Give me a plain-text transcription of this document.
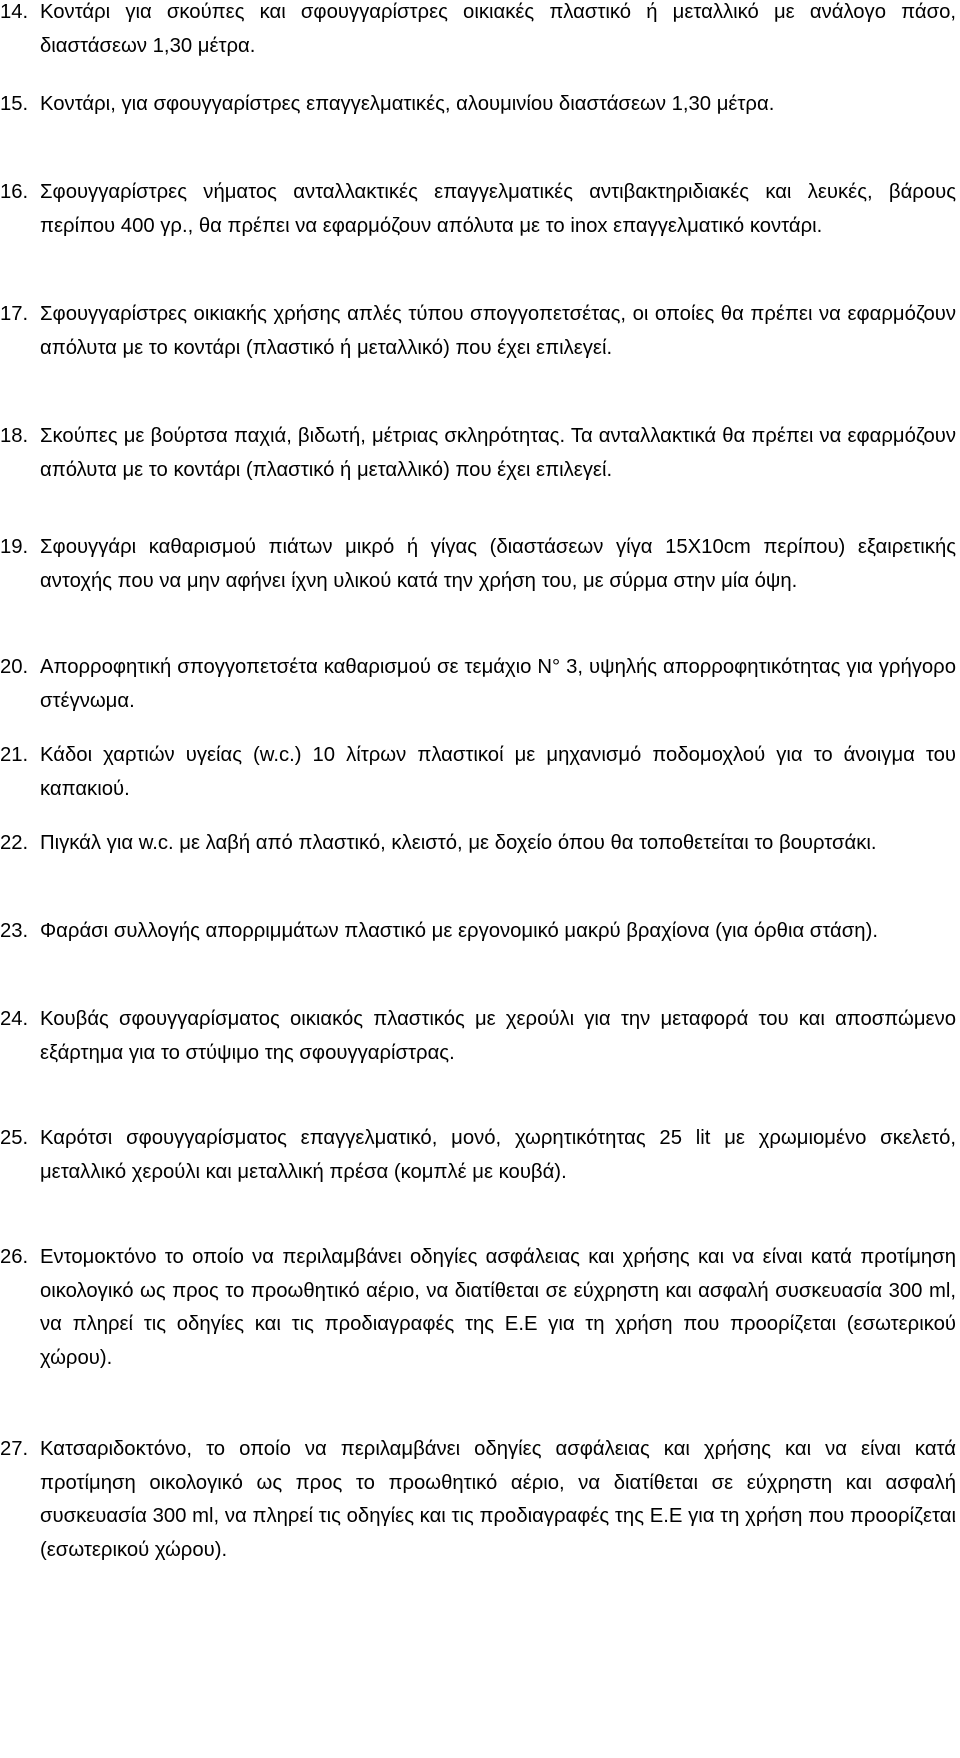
14. Κοντάρι για σκούπες και σφουγγαρίστρες οικιακές πλαστικό ή μεταλλικό με ανάλογο πάσο, διαστάσεων 1,30 μέτρα.
15. Κοντάρι, για σφουγγαρίστρες επαγγελματικές, αλουμινίου διαστάσεων 1,30 μέτρα.
16. Σφουγγαρίστρες νήματος ανταλλακτικές επαγγελματικές αντιβακτηριδιακές και λευκές, βάρους περίπου 400 γρ., θα πρέπει να εφαρμόζουν απόλυτα με το inox επαγγελματικό κοντάρι.
17. Σφουγγαρίστρες οικιακής χρήσης απλές τύπου σπογγοπετσέτας, οι οποίες θα πρέπει να εφαρμόζουν απόλυτα με το κοντάρι (πλαστικό ή μεταλλικό) που έχει επιλεγεί.
18. Σκούπες με βούρτσα παχιά, βιδωτή, μέτριας σκληρότητας. Τα ανταλλακτικά θα πρέπει να εφαρμόζουν απόλυτα με το κοντάρι (πλαστικό ή μεταλλικό) που έχει επιλεγεί.
19. Σφουγγάρι καθαρισμού πιάτων μικρό ή γίγας (διαστάσεων γίγα 15Χ10cm περίπου) εξαιρετικής αντοχής που να μην αφήνει ίχνη υλικού κατά την χρήση του, με σύρμα στην μία όψη.
20. Απορροφητική σπογγοπετσέτα καθαρισμού σε τεμάχιο Ν° 3, υψηλής απορροφητικότητας για γρήγορο στέγνωμα.
21. Κάδοι χαρτιών υγείας (w.c.) 10 λίτρων πλαστικοί με μηχανισμό ποδομοχλού για το άνοιγμα του καπακιού.
22. Πιγκάλ για w.c. με λαβή από πλαστικό, κλειστό, με δοχείο όπου θα τοποθετείται το βουρτσάκι.
23. Φαράσι συλλογής απορριμμάτων πλαστικό με εργονομικό μακρύ βραχίονα (για όρθια στάση).
24. Κουβάς σφουγγαρίσματος οικιακός πλαστικός με χερούλι για την μεταφορά του και αποσπώμενο εξάρτημα για το στύψιμο της σφουγγαρίστρας.
25. Καρότσι σφουγγαρίσματος επαγγελματικό, μονό, χωρητικότητας 25 lit με χρωμιομένο σκελετό, μεταλλικό χερούλι και μεταλλική πρέσα (κομπλέ με κουβά).
26. Εντομοκτόνο το οποίο να περιλαμβάνει οδηγίες ασφάλειας και χρήσης και να είναι κατά προτίμηση οικολογικό ως προς το προωθητικό αέριο, να διατίθεται σε εύχρηστη και ασφαλή συσκευασία 300 ml, να πληρεί τις οδηγίες και τις προδιαγραφές της Ε.Ε για τη χρήση που προορίζεται (εσωτερικού χώρου).
27. Κατσαριδοκτόνο, το οποίο να περιλαμβάνει οδηγίες ασφάλειας και χρήσης και να είναι κατά προτίμηση οικολογικό ως προς το προωθητικό αέριο, να διατίθεται σε εύχρηστη και ασφαλή συσκευασία 300 ml, να πληρεί τις οδηγίες και τις προδιαγραφές της Ε.Ε για τη χρήση που προορίζεται (εσωτερικού χώρου).
